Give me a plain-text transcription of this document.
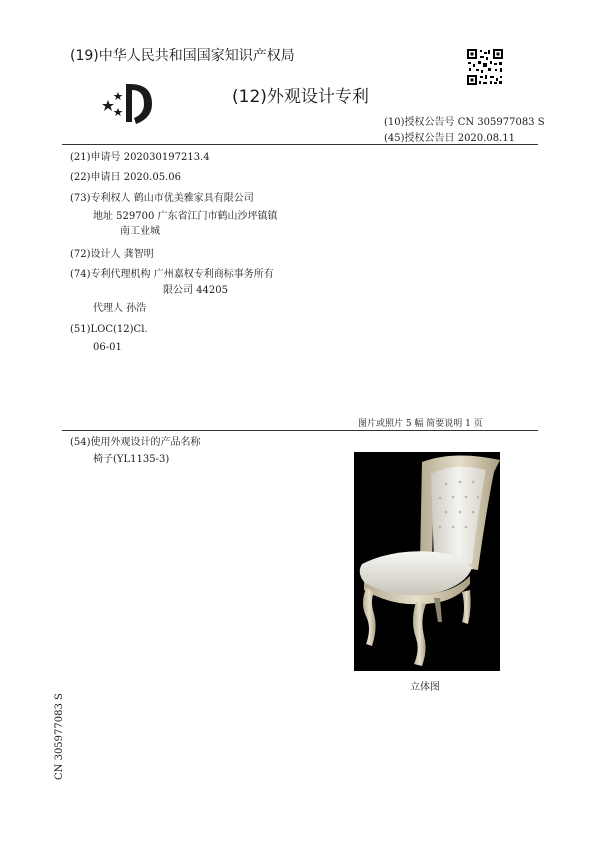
(19)中华人民共和国国家知识产权局
(12)外观设计专利
(10)授权公告号 CN 305977083 S
(45)授权公告日 2020.08.11
(21)申请号 202030197213.4
(22)申请日 2020.05.06
(73)专利权人 鹤山市优美雅家具有限公司
地址 529700 广东省江门市鹤山沙坪镇镇
南工业城
(72)设计人 龚智明
(74)专利代理机构 广州嘉权专利商标事务所有
限公司 44205
代理人 孙浩
(51)LOC(12)Cl.
06-01
图片或照片 5 幅 简要说明 1 页
(54)使用外观设计的产品名称
椅子(YL1135-3)
立体图
CN 305977083 S
